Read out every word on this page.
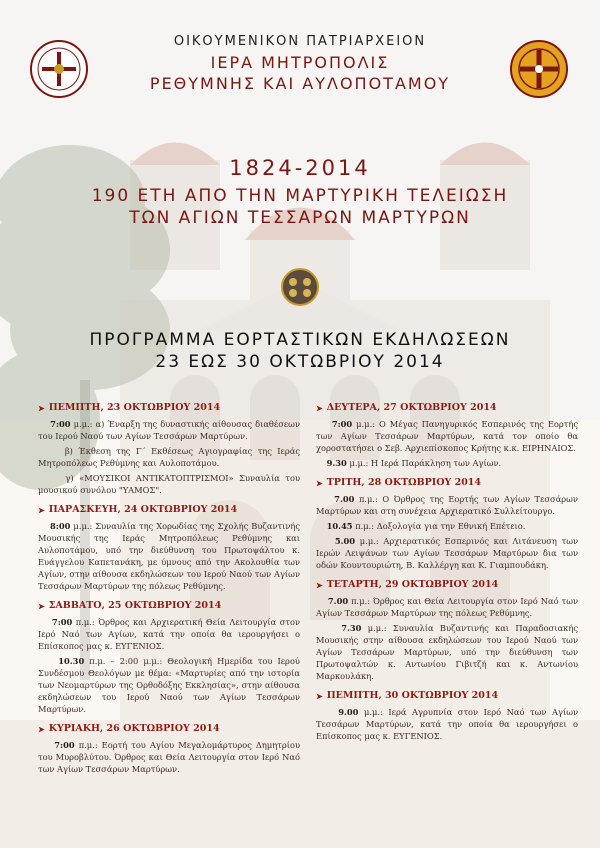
ΟΙΚΟΥΜΕΝΙΚΟΝ ΠΑΤΡΙΑΡΧΕΙΟΝ
ΙΕΡΑ ΜΗΤΡΟΠΟΛΙΣ
ΡΕΘΥΜΝΗΣ ΚΑΙ ΑΥΛΟΠΟΤΑΜΟΥ
1824-2014
190 ΕΤΗ ΑΠΟ ΤΗΝ ΜΑΡΤΥΡΙΚΗ ΤΕΛΕΙΩΣΗ
ΤΩΝ ΑΓΙΩΝ ΤΕΣΣΑΡΩΝ ΜΑΡΤΥΡΩΝ
ΠΡΟΓΡΑΜΜΑ ΕΟΡΤΑΣΤΙΚΩΝ ΕΚΔΗΛΩΣΕΩΝ
23 ΕΩΣ 30 ΟΚΤΩΒΡΙΟΥ 2014
➤ ΠΕΜΠΤΗ, 23 ΟΚΤΩΒΡΙΟΥ 2014
7:00 μ.μ.: α) Έναρξη της δυναστικής αίθουσας διαθέσεων του Ιερού Ναού των Αγίων Τεσσάρων Μαρτύρων.
β) Έκθεση της Γ΄ Εκθέσεως Αγιογραφίας της Ιεράς Μητροπόλεως Ρεθύμνης και Αυλοποτάμου.
γ) «ΜΟΥΣΙΚΟΙ ΑΝΤΙΚΑΤΟΠΤΡΙΣΜΟΙ» Συναυλία του μουσικού συνόλου "ΥΑΜΟΣ".
➤ ΠΑΡΑΣΚΕΥΗ, 24 ΟΚΤΩΒΡΙΟΥ 2014
8:00 μ.μ.: Συναυλία της Χορωδίας της Σχολής Βυζαντινής Μουσικής της Ιεράς Μητροπόλεως Ρεθύμνης και Αυλοποτάμου, υπό την διεύθυνση του Πρωτοψάλτου κ. Ευάγγελου Καπετανάκη, με ύμνους από την Ακολουθία των Αγίων, στην αίθουσα εκδηλώσεων του Ιερού Ναού των Αγίων Τεσσάρων Μαρτύρων της πόλεως Ρεθύμνης.
➤ ΣΑΒΒΑΤΟ, 25 ΟΚΤΩΒΡΙΟΥ 2014
7:00 π.μ.: Όρθρος και Αρχιερατική Θεία Λειτουργία στον Ιερό Ναό των Αγίων, κατά την οποία θα ιερουργήσει ο Επίσκοπος μας κ. ΕΥΓΕΝΙΟΣ.
10.30 π.μ. – 2:00 μ.μ.: Θεολογική Ημερίδα του Ιερού Συνδέσμου Θεολόγων με θέμα: «Μαρτυρίες από την ιστορία των Νεομαρτύρων της Ορθοδόξης Εκκλησίας», στην αίθουσα εκδηλώσεων του Ιερού Ναού των Αγίων Τεσσάρων Μαρτύρων.
➤ ΚΥΡΙΑΚΗ, 26 ΟΚΤΩΒΡΙΟΥ 2014
7:00 π.μ.: Εορτή του Αγίου Μεγαλομάρτυρος Δημητρίου του Μυροβλύτου. Όρθρος και Θεία Λειτουργία στον Ιερό Ναό των Αγίων Τεσσάρων Μαρτύρων.
➤ ΔΕΥΤΕΡΑ, 27 ΟΚΤΩΒΡΙΟΥ 2014
7:00 μ.μ.: Ο Μέγας Πανηγυρικός Εσπερινός της Εορτής των Αγίων Τεσσάρων Μαρτύρων, κατά τον οποίο θα χοροστατήσει ο Σεβ. Αρχιεπίσκοπος Κρήτης κ.κ. ΕΙΡΗΝΑΙΟΣ.
9.30 μ.μ.: Η Ιερά Παράκληση των Αγίων.
➤ ΤΡΙΤΗ, 28 ΟΚΤΩΒΡΙΟΥ 2014
7.00 π.μ.: Ο Όρθρος της Εορτής των Αγίων Τεσσάρων Μαρτύρων και στη συνέχεια Αρχιερατικό Συλλείτουργο.
10.45 π.μ.: Δοξολογία για την Εθνική Επέτειο.
5.00 μ.μ.: Αρχιερατικός Εσπερινός και Λιτάνευση των Ιερών Λειψάνων των Αγίων Τεσσάρων Μαρτύρων δια των οδών Κουντουριώτη, Β. Καλλέργη και Κ. Γιαμπουδάκη.
➤ ΤΕΤΑΡΤΗ, 29 ΟΚΤΩΒΡΙΟΥ 2014
7.00 π.μ.: Όρθρος και Θεία Λειτουργία στον Ιερό Ναό των Αγίων Τεσσάρων Μαρτύρων της πόλεως Ρεθύμνης.
7.30 μ.μ.: Συναυλία Βυζαντινής και Παραδοσιακής Μουσικής στην αίθουσα εκδηλώσεων του Ιερού Ναού των Αγίων Τεσσάρων Μαρτύρων, υπό την διεύθυνση των Πρωτοψαλτών κ. Αντωνίου Γιβιτζή και κ. Αντωνίου Μαρκουλάκη.
➤ ΠΕΜΠΤΗ, 30 ΟΚΤΩΒΡΙΟΥ 2014
9.00 μ.μ.: Ιερά Αγρυπνία στον Ιερό Ναό των Αγίων Τεσσάρων Μαρτύρων, κατά την οποία θα ιερουργήσει ο Επίσκοπος μας κ. ΕΥΓΕΝΙΟΣ.
